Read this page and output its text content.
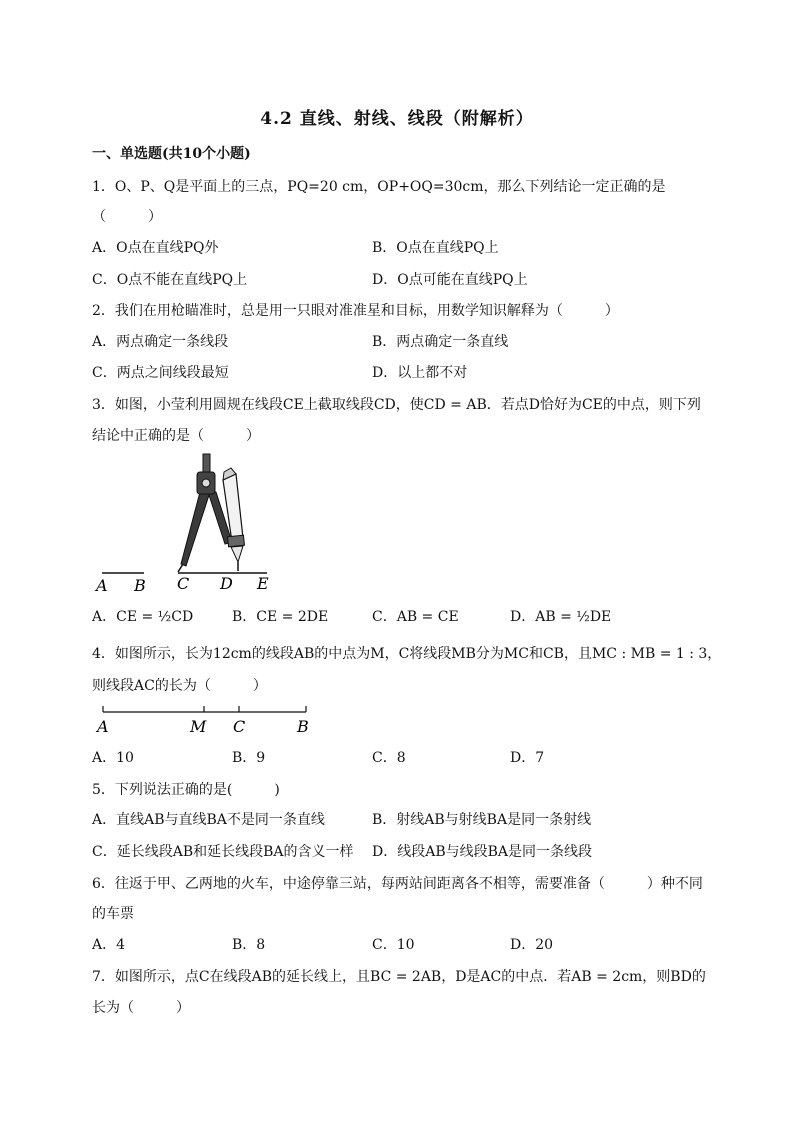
4.2 直线、射线、线段（附解析）
一、单选题(共10个小题)
1．O、P、Q是平面上的三点，PQ=20 cm，OP+OQ=30cm，那么下列结论一定正确的是
（　　　）
A．O点在直线PQ外	B．O点在直线PQ上
C．O点不能在直线PQ上	D．O点可能在直线PQ上
2．我们在用枪瞄准时，总是用一只眼对准准星和目标，用数学知识解释为（　　　）
A．两点确定一条线段	B．两点确定一条直线
C．两点之间线段最短	D．以上都不对
3．如图，小莹利用圆规在线段CE上截取线段CD，使CD = AB．若点D恰好为CE的中点，则下列
结论中正确的是（　　　）
A B C D E
A．CE = ½CD	B．CE = 2DE	C．AB = CE	D．AB = ½DE
4．如图所示，长为12cm的线段AB的中点为M，C将线段MB分为MC和CB，且MC : MB = 1 : 3，
则线段AC的长为（　　　）
A	M C	B
A．10	B．9	C．8	D．7
5．下列说法正确的是(　　　)
A．直线AB与直线BA不是同一条直线	B．射线AB与射线BA是同一条射线
C．延长线段AB和延长线段BA的含义一样 D．线段AB与线段BA是同一条线段
6．往返于甲、乙两地的火车，中途停靠三站，每两站间距离各不相等，需要准备（　　　）种不同
的车票
A．4	B．8	C．10	D．20
7．如图所示，点C在线段AB的延长线上，且BC = 2AB，D是AC的中点．若AB = 2cm，则BD的
长为（　　　）
